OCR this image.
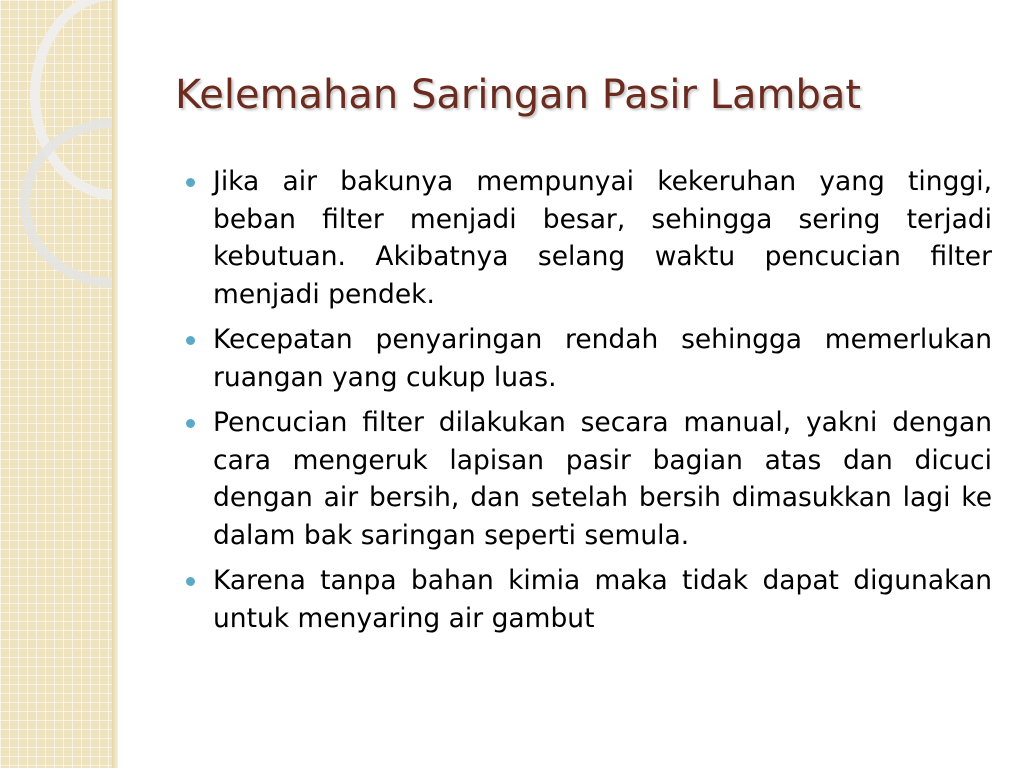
Kelemahan Saringan Pasir Lambat
Jika air bakunya mempunyai kekeruhan yang tinggi, beban filter menjadi besar, sehingga sering terjadi kebutuan. Akibatnya selang waktu pencucian filter menjadi pendek.
Kecepatan penyaringan rendah sehingga memerlukan ruangan yang cukup luas.
Pencucian filter dilakukan secara manual, yakni dengan cara mengeruk lapisan pasir bagian atas dan dicuci dengan air bersih, dan setelah bersih dimasukkan lagi ke dalam bak saringan seperti semula.
Karena tanpa bahan kimia maka tidak dapat digunakan untuk menyaring air gambut
